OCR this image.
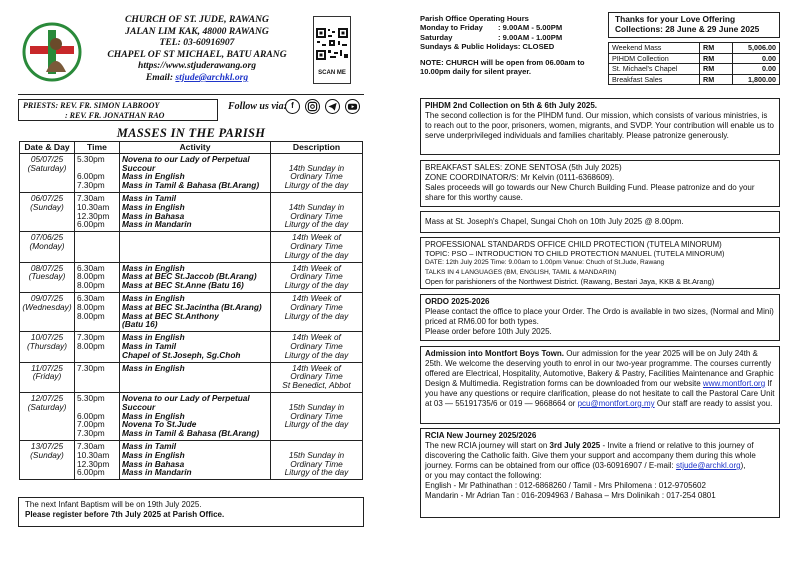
CHURCH OF ST. JUDE, RAWANG
JALAN LIM KAK, 48000 RAWANG
TEL: 03-60916907
CHAPEL OF ST MICHAEL, BATU ARANG
https://www.stjuderawang.org
Email: stjude@archkl.org	SCAN ME
PRIESTS: REV. FR. SIMON LABROOY
: REV. FR. JONATHAN RAO
Follow us via: f
MASSES IN THE PARISH
Date & Day	Time	Activity	Description

05/07/25
(Saturday)	5.30pm

6.00pm
7.30pm	Novena to our Lady of Perpetual
Succour
Mass in English
Mass in Tamil & Bahasa (Bt.Arang)	14th Sunday in
Ordinary Time
Liturgy of the day

06/07/25
(Sunday)	7.30am
10.30am
12.30pm
6.00pm	Mass in Tamil
Mass in English
Mass in Bahasa
Mass in Mandarin	14th Sunday in
Ordinary Time
Liturgy of the day

07/06/25
(Monday)			14th Week of
Ordinary Time
Liturgy of the day

08/07/25
(Tuesday)	6.30am
8.00pm
8.00pm	Mass in English
Mass at BEC St.Jaccob (Bt.Arang)
Mass at BEC St.Anne (Batu 16)	14th Week of
Ordinary Time
Liturgy of the day

09/07/25
(Wednesday)	6.30am
8.00pm
8.00pm	Mass in English
Mass at BEC St.Jacintha (Bt.Arang)
Mass at BEC St.Anthony
(Batu 16)	14th Week of
Ordinary Time
Liturgy of the day

10/07/25
(Thursday)	7.30pm
8.00pm	Mass in English
Mass in Tamil
Chapel of St.Joseph, Sg.Choh	14th Week of
Ordinary Time
Liturgy of the day

11/07/25
(Friday)	7.30pm	Mass in English	14th Week of
Ordinary Time
St Benedict, Abbot

12/07/25
(Saturday)	5.30pm

6.00pm
7.00pm
7.30pm	Novena to our Lady of Perpetual
Succour
Mass in English
Novena To St.Jude
Mass in Tamil & Bahasa (Bt.Arang)	15th Sunday in
Ordinary Time
Liturgy of the day

13/07/25
(Sunday)	7.30am
10.30am
12.30pm
6.00pm	Mass in Tamil
Mass in English
Mass in Bahasa
Mass in Mandarin	15th Sunday in
Ordinary Time
Liturgy of the day
The next Infant Baptism will be on 19th July 2025.
Please register before 7th July 2025 at Parish Office.
Parish Office Operating Hours
Monday to Friday	: 9.00AM - 5.00PM
Saturday	: 9.00AM - 1.00PM
Sundays & Public Holidays: CLOSED
NOTE: CHURCH will be open from 06.00am to 10.00pm daily for silent prayer.
Thanks for your Love Offering
Collections: 28 June & 29 June 2025
Weekend Mass	RM	5,006.00
PIHDM Collection	RM	0.00
St. Michael's Chapel	RM	0.00
Breakfast Sales	RM	1,800.00

PIHDM 2nd Collection on 5th & 6th July 2025.

The second collection is for the PIHDM fund. Our mission, which consists of various ministries, is to reach out to the poor, prisoners, women, migrants, and SVDP. Your contribution will enable us to serve underprivileged individuals and families charitably. Please patronize generously.

BREAKFAST SALES: ZONE SENTOSA (5th July 2025)

ZONE COORDINATOR/S: Mr Kelvin (0111-6368609).

Sales proceeds will go towards our New Church Building Fund. Please patronize and do your share for this worthy cause.

Mass at St. Joseph's Chapel, Sungai Choh on 10th July 2025 @ 8.00pm.

PROFESSIONAL STANDARDS OFFICE CHILD PROTECTION (TUTELA MINORUM)

TOPIC: PSO – INTRODUCTION TO CHILD PROTECTION MANUEL (TUTELA MINORUM)

DATE: 12th July 2025 Time: 9.00am to 1.00pm Venue: Chuch of St.Jude, Rawang

TALKS IN 4 LANGUAGES (BM, ENGLISH, TAMIL & MANDARIN)

Open for parishioners of the Northwest District. (Rawang, Bestari Jaya, KKB & Bt.Arang)

ORDO 2025-2026

Please contact the office to place your Order. The Ordo is available in two sizes, (Normal and Mini) priced at RM6.00 for both types.

Please order before 10th July 2025.

Admission into Montfort Boys Town. Our admission for the year 2025 will be on July 24th & 25th. We welcome the deserving youth to enrol in our two-year programme. The courses currently offered are Electrical, Hospitality, Automotive, Bakery & Pastry, Facilities Maintenance and Graphic Design & Multimedia. Registration forms can be downloaded from our website www.montfort.org If you have any questions or require clarification, please do not hesitate to call the Pastoral Care Unit at 03 — 55191735/6 or 019 — 9668664 or pcu@montfort.org.my Our staff are ready to assist you.

RCIA New Journey 2025/2026

The new RCIA journey will start on 3rd July 2025 - Invite a friend or relative to this journey of discovering the Catholic faith. Give them your support and accompany them during this whole journey. Forms can be obtained from our office (03-60916907 / E-mail: stjude@archkl.org),

or you may contact the following:

English - Mr Pathinathan : 012-6868260 / Tamil - Mrs Philomena : 012-9705602

Mandarin - Mr Adrian Tan : 016-2094963 / Bahasa – Mrs Dolinikah : 017-254 0801
